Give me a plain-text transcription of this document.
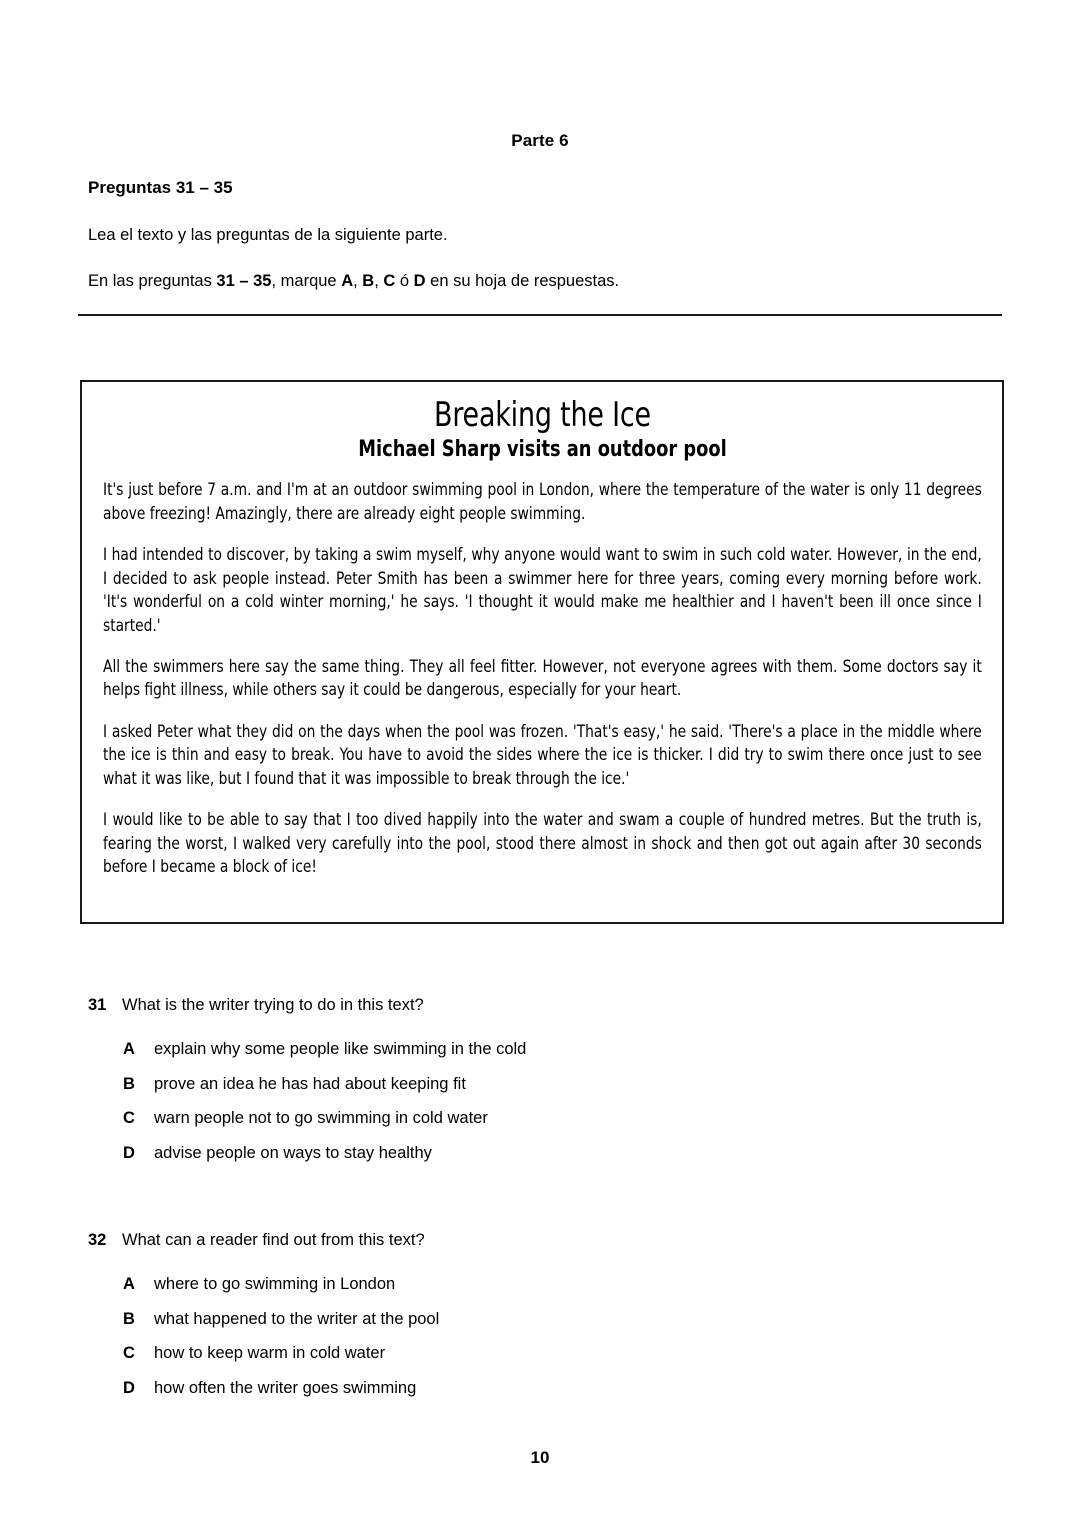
Parte 6
Preguntas 31 – 35
Lea el texto y las preguntas de la siguiente parte.
En las preguntas 31 – 35, marque A, B, C ó D en su hoja de respuestas.
Breaking the Ice
Michael Sharp visits an outdoor pool

It's just before 7 a.m. and I'm at an outdoor swimming pool in London, where the temperature of the water is only 11 degrees above freezing! Amazingly, there are already eight people swimming.

I had intended to discover, by taking a swim myself, why anyone would want to swim in such cold water. However, in the end, I decided to ask people instead. Peter Smith has been a swimmer here for three years, coming every morning before work. 'It's wonderful on a cold winter morning,' he says. 'I thought it would make me healthier and I haven't been ill once since I started.'

All the swimmers here say the same thing. They all feel fitter. However, not everyone agrees with them. Some doctors say it helps fight illness, while others say it could be dangerous, especially for your heart.

I asked Peter what they did on the days when the pool was frozen. 'That's easy,' he said. 'There's a place in the middle where the ice is thin and easy to break. You have to avoid the sides where the ice is thicker. I did try to swim there once just to see what it was like, but I found that it was impossible to break through the ice.'

I would like to be able to say that I too dived happily into the water and swam a couple of hundred metres. But the truth is, fearing the worst, I walked very carefully into the pool, stood there almost in shock and then got out again after 30 seconds before I became a block of ice!

31 What is the writer trying to do in this text?

A explain why some people like swimming in the cold
B prove an idea he has had about keeping fit
C warn people not to go swimming in cold water
D advise people on ways to stay healthy

32 What can a reader find out from this text?

A where to go swimming in London
B what happened to the writer at the pool
C how to keep warm in cold water
D how often the writer goes swimming
10
